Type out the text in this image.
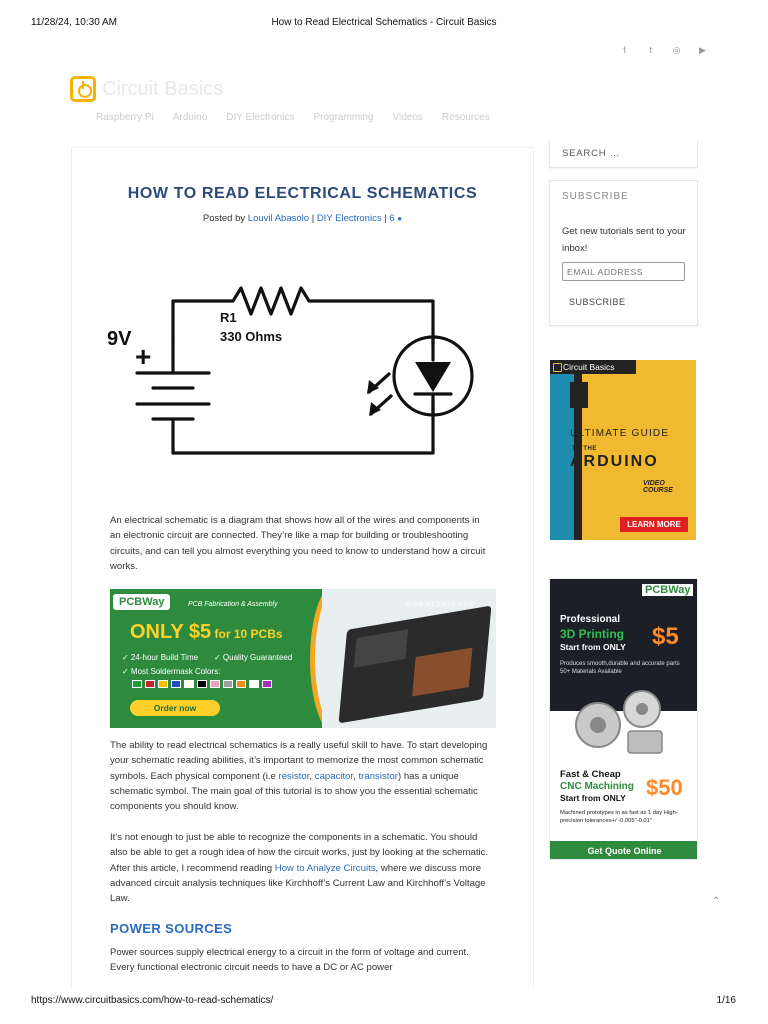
11/28/24, 10:30 AM	How to Read Electrical Schematics - Circuit Basics
f	t	◎	▶
Circuit Basics
Raspberry Pi Arduino DIY Electronics Programming Videos Resources
HOW TO READ ELECTRICAL SCHEMATICS
Posted by Louvil Abasolo | DIY Electronics | 6 ●
9V
+
R1
330 Ohms

An electrical schematic is a diagram that shows how all of the wires and components in an electronic circuit are connected. They’re like a map for building or troubleshooting circuits, and can tell you almost everything you need to know to understand how a circuit works.

PCBWay	PCB Fabrication & Assembly	www.pcbway.com
ONLY $5 for 10 PCBs
✓ 24-hour Build Time ✓ Quality Guaranteed
✓ Most Soldermask Colors:
Order now

The ability to read electrical schematics is a really useful skill to have. To start developing your schematic reading abilities, it’s important to memorize the most common schematic symbols. Each physical component (i.e resistor, capacitor, transistor) has a unique schematic symbol. The main goal of this tutorial is to show you the essential schematic components you should know.

It’s not enough to just be able to recognize the components in a schematic. You should also be able to get a rough idea of how the circuit works, just by looking at the schematic. After this article, I recommend reading How to Analyze Circuits, where we discuss more advanced circuit analysis techniques like Kirchhoff’s Current Law and Kirchhoff’s Voltage Law.

POWER SOURCES

Power sources supply electrical energy to a circuit in the form of voltage and current. Every functional electronic circuit needs to have a DC or AC power

SEARCH …
SUBSCRIBE
Get new tutorials sent to your inbox!
EMAIL ADDRESS
SUBSCRIBE
Circuit Basics
ULTIMATE GUIDE
TO THE
ARDUINO
VIDEO COURSE
LEARN MORE
PCBWay
Professional
3D Printing
Start from ONLY $5
Produces smooth,durable and accurate parts 50+ Materials Available
Fast & Cheap
CNC Machining
Start from ONLY $50
Machined prototypes in as fast as 1 day High-precision tolerances+/ -0.005"-0.01"
Get Quote Online
⌃
https://www.circuitbasics.com/how-to-read-schematics/	1/16
